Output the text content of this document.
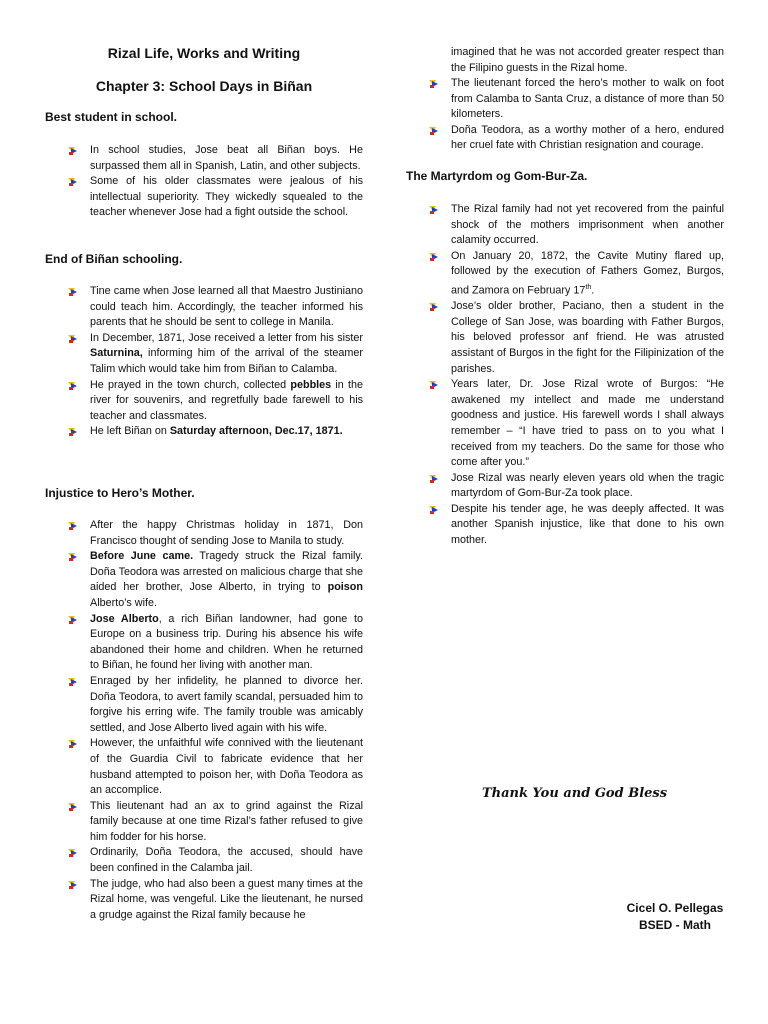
Rizal Life, Works and Writing
Chapter 3: School Days in Biñan
Best student in school.
In school studies, Jose beat all Biñan boys. He surpassed them all in Spanish, Latin, and other subjects.
Some of his older classmates were jealous of his intellectual superiority. They wickedly squealed to the teacher whenever Jose had a fight outside the school.
End of Biñan schooling.
Tine came when Jose learned all that Maestro Justiniano could teach him. Accordingly, the teacher informed his parents that he should be sent to college in Manila.
In December, 1871, Jose received a letter from his sister Saturnina, informing him of the arrival of the steamer Talim which would take him from Biñan to Calamba.
He prayed in the town church, collected pebbles in the river for souvenirs, and regretfully bade farewell to his teacher and classmates.
He left Biñan on Saturday afternoon, Dec.17, 1871.
Injustice to Hero’s Mother.
After the happy Christmas holiday in 1871, Don Francisco thought of sending Jose to Manila to study.
Before June came. Tragedy struck the Rizal family. Doña Teodora was arrested on malicious charge that she aided her brother, Jose Alberto, in trying to poison Alberto’s wife.
Jose Alberto, a rich Biñan landowner, had gone to Europe on a business trip. During his absence his wife abandoned their home and children. When he returned to Biñan, he found her living with another man.
Enraged by her infidelity, he planned to divorce her. Doña Teodora, to avert family scandal, persuaded him to forgive his erring wife. The family trouble was amicably settled, and Jose Alberto lived again with his wife.
However, the unfaithful wife connived with the lieutenant of the Guardia Civil to fabricate evidence that her husband attempted to poison her, with Doña Teodora as an accomplice.
This lieutenant had an ax to grind against the Rizal family because at one time Rizal’s father refused to give him fodder for his horse.
Ordinarily, Doña Teodora, the accused, should have been confined in the Calamba jail.
The judge, who had also been a guest many times at the Rizal home, was vengeful. Like the lieutenant, he nursed a grudge against the Rizal family because he
imagined that he was not accorded greater respect than the Filipino guests in the Rizal home.
The lieutenant forced the hero’s mother to walk on foot from Calamba to Santa Cruz, a distance of more than 50 kilometers.
Doña Teodora, as a worthy mother of a hero, endured her cruel fate with Christian resignation and courage.
The Martyrdom og Gom-Bur-Za.
The Rizal family had not yet recovered from the painful shock of the mothers imprisonment when another calamity occurred.
On January 20, 1872, the Cavite Mutiny flared up, followed by the execution of Fathers Gomez, Burgos, and Zamora on February 17th.
Jose’s older brother, Paciano, then a student in the College of San Jose, was boarding with Father Burgos, his beloved professor anf friend. He was atrusted assistant of Burgos in the fight for the Filipinization of the parishes.
Years later, Dr. Jose Rizal wrote of Burgos: “He awakened my intellect and made me understand goodness and justice. His farewell words I shall always remember – “I have tried to pass on to you what I received from my teachers. Do the same for those who come after you.”
Jose Rizal was nearly eleven years old when the tragic martyrdom of Gom-Bur-Za took place.
Despite his tender age, he was deeply affected. It was another Spanish injustice, like that done to his own mother.
Thank You and God Bless
Cicel O. Pellegas
BSED - Math
